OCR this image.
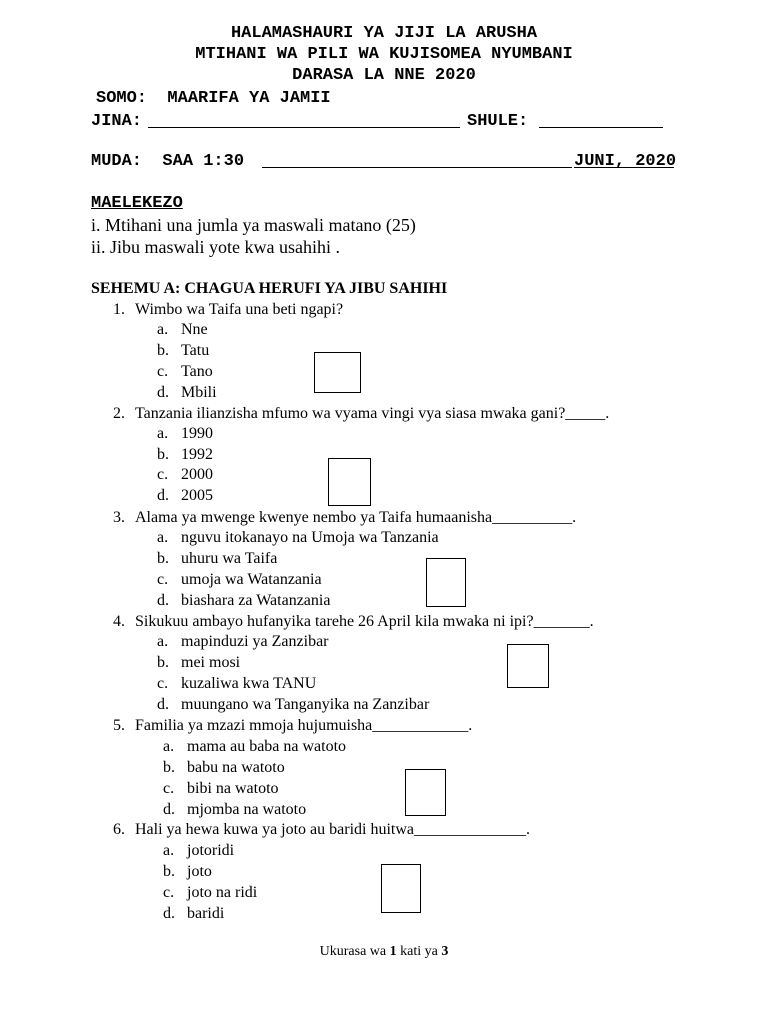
HALAMASHAURI YA JIJI LA ARUSHA
MTIHANI WA PILI WA KUJISOMEA NYUMBANI
DARASA LA NNE 2020
SOMO:  MAARIFA YA JAMII
JINA:	SHULE:
MUDA:  SAA 1:30	JUNI, 2020
MAELEKEZO
i. Mtihani una jumla ya maswali matano (25)
ii. Jibu maswali yote kwa usahihi .
SEHEMU A: CHAGUA HERUFI YA JIBU SAHIHI
1. Wimbo wa Taifa una beti ngapi?
a. Nne
b. Tatu
c. Tano
d. Mbili
2. Tanzania ilianzisha mfumo wa vyama vingi vya siasa mwaka gani?_____.
a. 1990
b. 1992
c. 2000
d. 2005
3. Alama ya mwenge kwenye nembo ya Taifa humaanisha__________.
a. nguvu itokanayo na Umoja wa Tanzania
b. uhuru wa Taifa
c. umoja wa Watanzania
d. biashara za Watanzania
4. Sikukuu ambayo hufanyika tarehe 26 April kila mwaka ni ipi?_______.
a. mapinduzi ya Zanzibar
b. mei mosi
c. kuzaliwa kwa TANU
d. muungano wa Tanganyika na Zanzibar
5. Familia ya mzazi mmoja hujumuisha____________.
a. mama au baba na watoto
b. babu na watoto
c. bibi na watoto
d. mjomba na watoto
6. Hali ya hewa kuwa ya joto au baridi huitwa______________.
a. jotoridi
b. joto
c. joto na ridi
d. baridi
Ukurasa wa 1 kati ya 3
